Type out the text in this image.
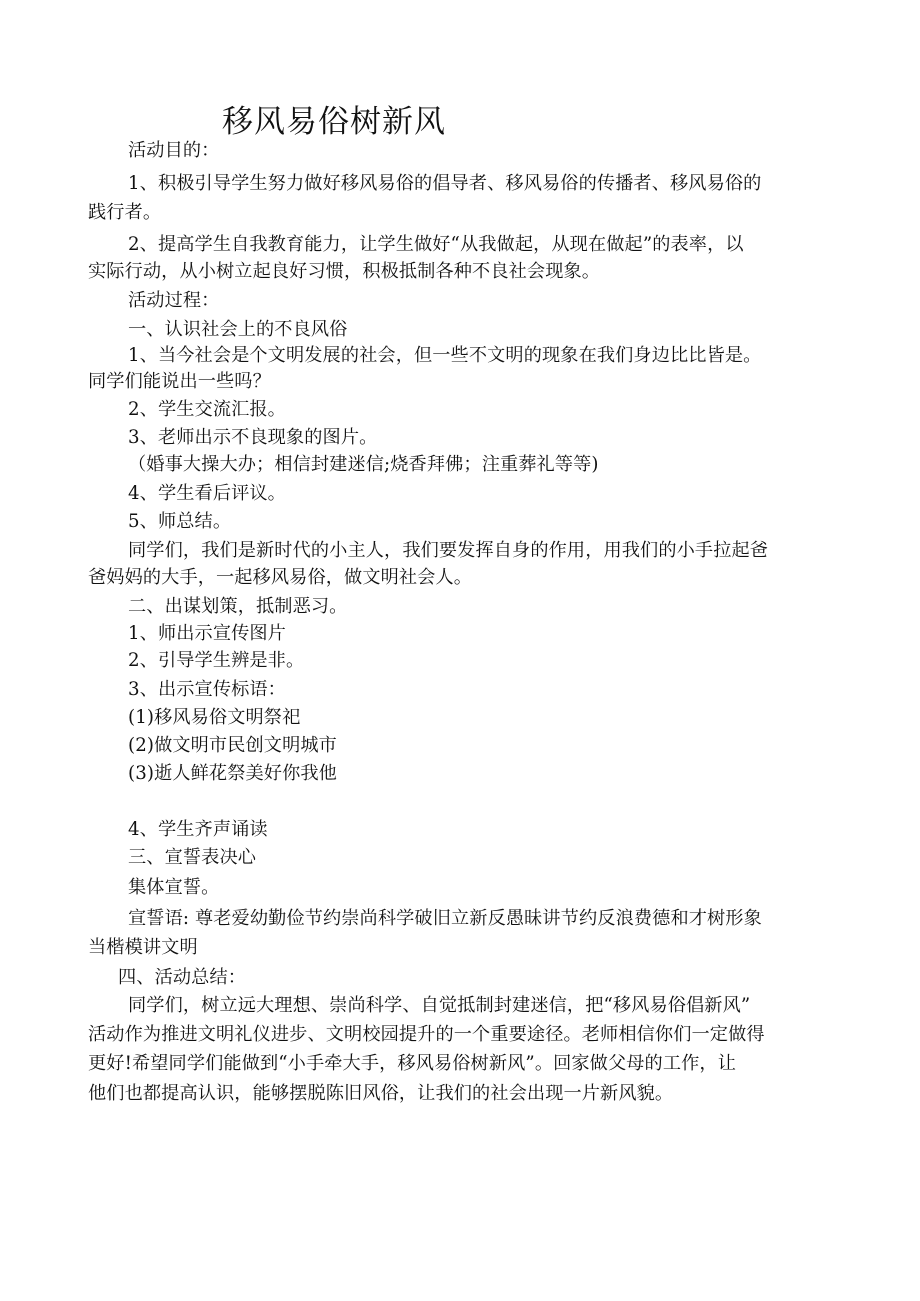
移风易俗树新风
活动目的：
1、积极引导学生努力做好移风易俗的倡导者、移风易俗的传播者、移风易俗的
践行者。
2、提高学生自我教育能力，让学生做好“从我做起，从现在做起”的表率，以
实际行动，从小树立起良好习惯，积极抵制各种不良社会现象。
活动过程：
一、认识社会上的不良风俗
1、当今社会是个文明发展的社会，但一些不文明的现象在我们身边比比皆是。
同学们能说出一些吗？
2、学生交流汇报。
3、老师出示不良现象的图片。
（婚事大操大办；相信封建迷信;烧香拜佛；注重葬礼等等)
4、学生看后评议。
5、师总结。
同学们，我们是新时代的小主人，我们要发挥自身的作用，用我们的小手拉起爸
爸妈妈的大手，一起移风易俗，做文明社会人。
二、出谋划策，抵制恶习。
1、师出示宣传图片
2、引导学生辨是非。
3、出示宣传标语：
(1)移风易俗文明祭祀
(2)做文明市民创文明城市
(3)逝人鲜花祭美好你我他
4、学生齐声诵读
三、宣誓表决心
集体宣誓。
宣誓语: 尊老爱幼勤俭节约崇尚科学破旧立新反愚昧讲节约反浪费德和才树形象
当楷模讲文明
四、活动总结：
同学们，树立远大理想、崇尚科学、自觉抵制封建迷信，把“移风易俗倡新风”
活动作为推进文明礼仪进步、文明校园提升的一个重要途径。老师相信你们一定做得
更好!希望同学们能做到“小手牵大手，移风易俗树新风”。回家做父母的工作，让
他们也都提高认识，能够摆脱陈旧风俗，让我们的社会出现一片新风貌。
